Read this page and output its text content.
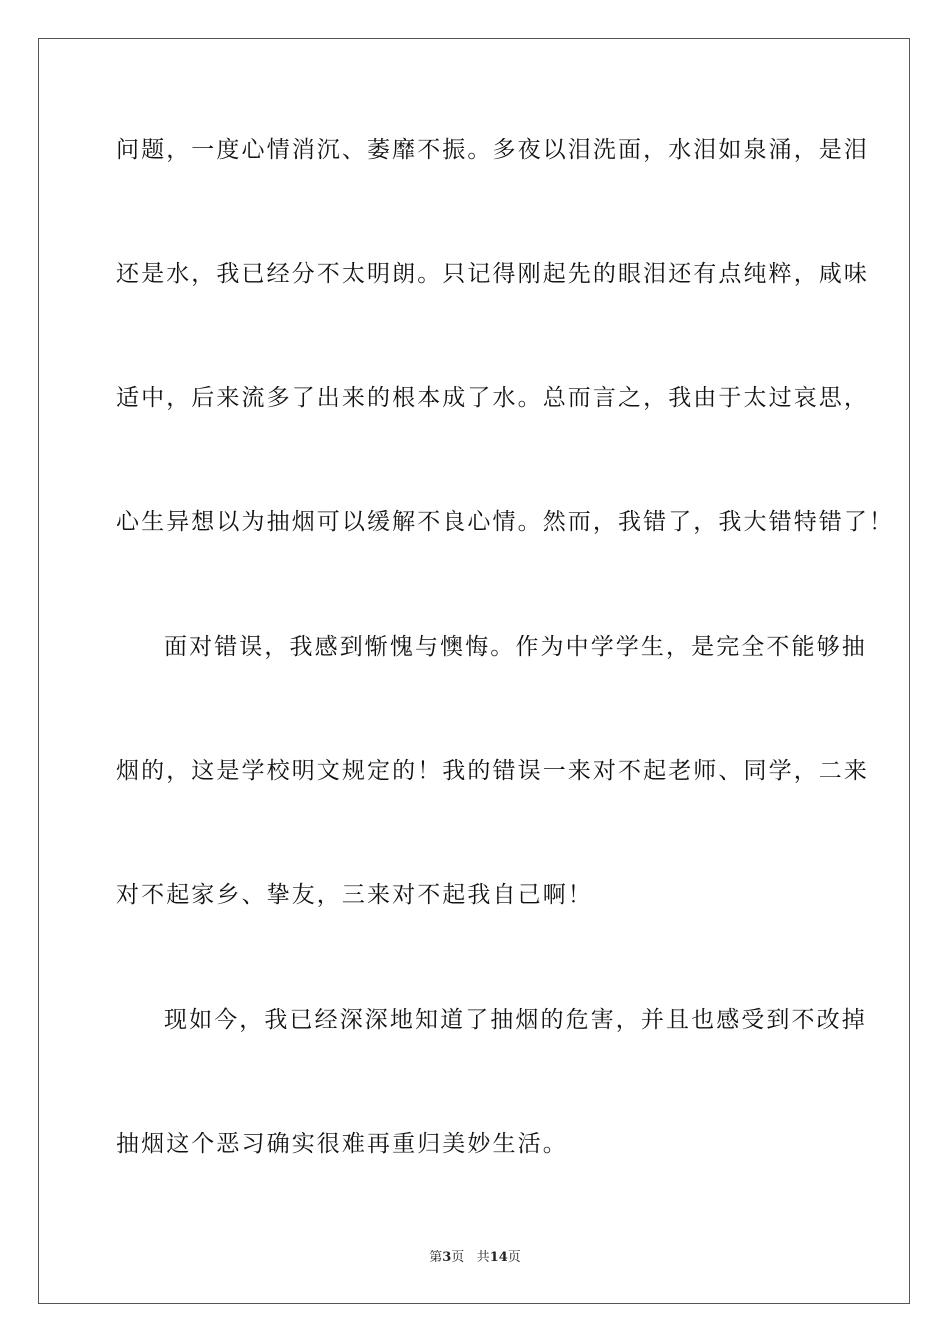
问题，一度心情消沉、萎靡不振。多夜以泪洗面，水泪如泉涌，是泪
还是水，我已经分不太明朗。只记得刚起先的眼泪还有点纯粹，咸味
适中，后来流多了出来的根本成了水。总而言之，我由于太过哀思，
心生异想以为抽烟可以缓解不良心情。然而，我错了，我大错特错了！
面对错误，我感到惭愧与懊悔。作为中学学生，是完全不能够抽
烟的，这是学校明文规定的！我的错误一来对不起老师、同学，二来
对不起家乡、挚友，三来对不起我自己啊！
现如今，我已经深深地知道了抽烟的危害，并且也感受到不改掉
抽烟这个恶习确实很难再重归美妙生活。
第3页 共14页
